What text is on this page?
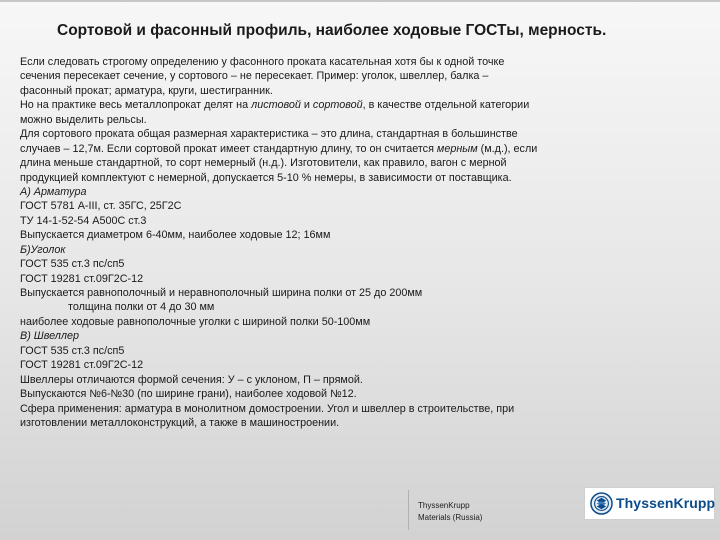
Сортовой и фасонный профиль, наиболее ходовые ГОСТы, мерность.
Если следовать строгому определению у фасонного проката касательная хотя бы к одной точке
сечения пересекает сечение, у сортового – не пересекает. Пример: уголок, швеллер, балка –
фасонный прокат; арматура, круги, шестигранник.
Но на практике весь металлопрокат делят на листовой и сортовой, в качестве отдельной категории
можно выделить рельсы.
Для сортового проката общая размерная характеристика – это длина, стандартная в большинстве
случаев – 12,7м. Если сортовой прокат имеет стандартную длину, то он считается мерным (м.д.), если
длина меньше стандартной, то сорт немерный (н.д.). Изготовители, как правило, вагон с мерной
продукцией комплектуют с немерной, допускается 5-10 % немеры, в зависимости от поставщика.
А) Арматура
ГОСТ 5781 А-III, ст. 35ГС, 25Г2С
ТУ 14-1-52-54 А500С ст.3
Выпускается диаметром 6-40мм, наиболее ходовые 12; 16мм
Б)Уголок
ГОСТ 535 ст.3 пс/сп5
ГОСТ 19281 ст.09Г2С-12
Выпускается равнополочный и неравнополочный ширина полки от 25 до 200мм
толщина полки от 4 до 30 мм
наиболее ходовые равнополочные уголки с шириной полки 50-100мм
В) Швеллер
ГОСТ 535 ст.3 пс/сп5
ГОСТ 19281 ст.09Г2С-12
Швеллеры отличаются формой сечения: У – с уклоном, П – прямой.
Выпускаются №6-№30 (по ширине грани), наиболее ходовой №12.
Сфера применения: арматура в монолитном домостроении. Угол и швеллер в строительстве, при
изготовлении металлоконструкций, а также в машиностроении.
ThyssenKrupp
Materials (Russia)
ThyssenKrupp
